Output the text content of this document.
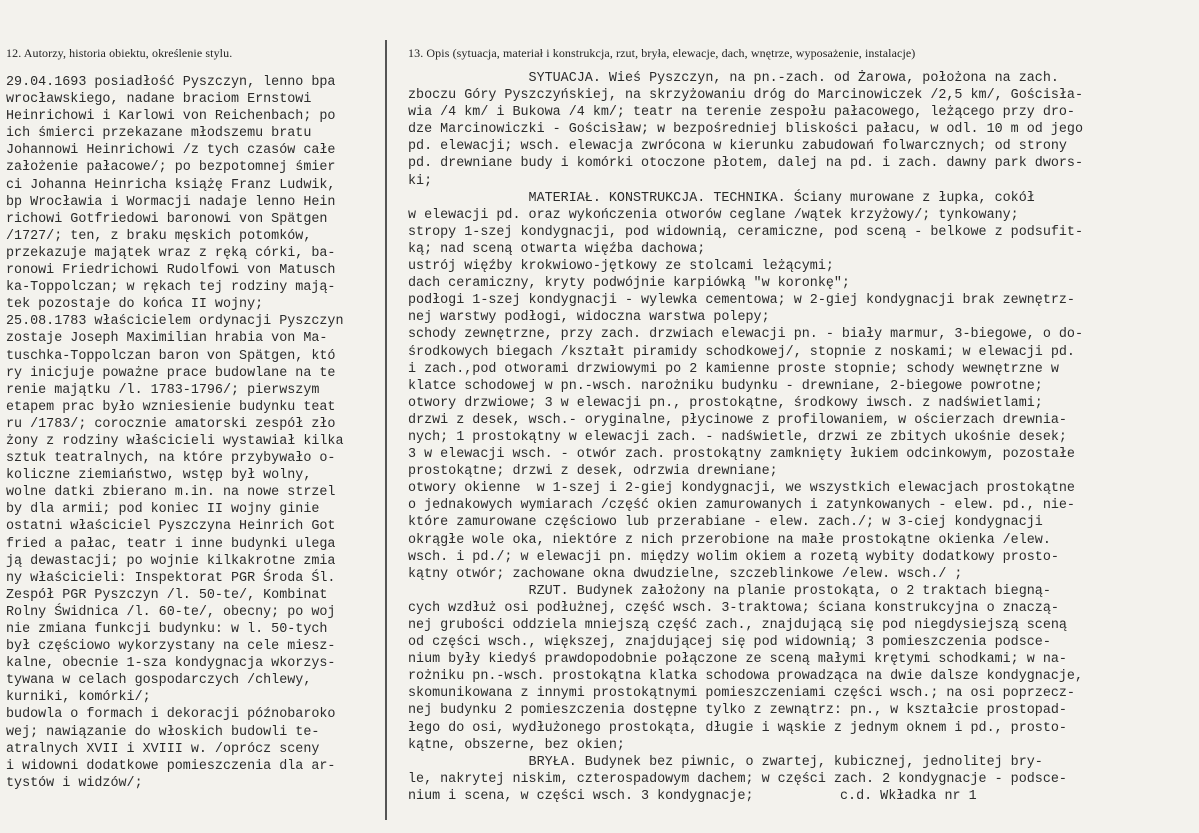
12. Autorzy, historia obiektu, określenie stylu.	13. Opis (sytuacja, materiał i konstrukcja, rzut, bryła, elewacje, dach, wnętrze, wyposażenie, instalacje)
29.04.1693 posiadłość Pyszczyn, lenno bpa
wrocławskiego, nadane braciom Ernstowi
Heinrichowi i Karlowi von Reichenbach; po
ich śmierci przekazane młodszemu bratu
Johannowi Heinrichowi /z tych czasów całe
założenie pałacowe/; po bezpotomnej śmier
ci Johanna Heinricha książę Franz Ludwik,
bp Wrocławia i Wormacji nadaje lenno Hein
richowi Gotfriedowi baronowi von Spätgen
/1727/; ten, z braku męskich potomków,
przekazuje majątek wraz z ręką córki, ba-
ronowi Friedrichowi Rudolfowi von Matusch
ka-Toppolczan; w rękach tej rodziny mają-
tek pozostaje do końca II wojny;
25.08.1783 właścicielem ordynacji Pyszczyn
zostaje Joseph Maximilian hrabia von Ma-
tuschka-Toppolczan baron von Spätgen, któ
ry inicjuje poważne prace budowlane na te
renie majątku /l. 1783-1796/; pierwszym
etapem prac było wzniesienie budynku teat
ru /1783/; corocznie amatorski zespół zło
żony z rodziny właścicieli wystawiał kilka
sztuk teatralnych, na które przybywało o-
koliczne ziemiaństwo, wstęp był wolny,
wolne datki zbierano m.in. na nowe strzel
by dla armii; pod koniec II wojny ginie
ostatni właściciel Pyszczyna Heinrich Got
fried a pałac, teatr i inne budynki ulega
ją dewastacji; po wojnie kilkakrotne zmia
ny właścicieli: Inspektorat PGR Środa Śl.
Zespół PGR Pyszczyn /l. 50-te/, Kombinat
Rolny Świdnica /l. 60-te/, obecny; po woj
nie zmiana funkcji budynku: w l. 50-tych
był częściowo wykorzystany na cele miesz-
kalne, obecnie 1-sza kondygnacja wkorzys-
tywana w celach gospodarczych /chlewy,
kurniki, komórki/;
budowla o formach i dekoracji późnobaroko
wej; nawiązanie do włoskich budowli te-
atralnych XVII i XVIII w. /oprócz sceny
i widowni dodatkowe pomieszczenia dla ar-
tystów i widzów/;
SYTUACJA. Wieś Pyszczyn, na pn.-zach. od Żarowa, położona na zach.
zboczu Góry Pyszczyńskiej, na skrzyżowaniu dróg do Marcinowiczek /2,5 km/, Gościsła-
wia /4 km/ i Bukowa /4 km/; teatr na terenie zespołu pałacowego, leżącego przy dro-
dze Marcinowiczki - Gościsław; w bezpośredniej bliskości pałacu, w odl. 10 m od jego
pd. elewacji; wsch. elewacja zwrócona w kierunku zabudowań folwarcznych; od strony
pd. drewniane budy i komórki otoczone płotem, dalej na pd. i zach. dawny park dwors-
ki;
MATERIAŁ. KONSTRUKCJA. TECHNIKA. Ściany murowane z łupka, cokół
w elewacji pd. oraz wykończenia otworów ceglane /wątek krzyżowy/; tynkowany;
stropy 1-szej kondygnacji, pod widownią, ceramiczne, pod sceną - belkowe z podsufit-
ką; nad sceną otwarta więźba dachowa;
ustrój więźby krokwiowo-jętkowy ze stolcami leżącymi;
dach ceramiczny, kryty podwójnie karpiówką "w koronkę";
podłogi 1-szej kondygnacji - wylewka cementowa; w 2-giej kondygnacji brak zewnętrz-
nej warstwy podłogi, widoczna warstwa polepy;
schody zewnętrzne, przy zach. drzwiach elewacji pn. - biały marmur, 3-biegowe, o do-
środkowych biegach /kształt piramidy schodkowej/, stopnie z noskami; w elewacji pd.
i zach.,pod otworami drzwiowymi po 2 kamienne proste stopnie; schody wewnętrzne w
klatce schodowej w pn.-wsch. narożniku budynku - drewniane, 2-biegowe powrotne;
otwory drzwiowe; 3 w elewacji pn., prostokątne, środkowy iwsch. z nadświetlami;
drzwi z desek, wsch.- oryginalne, płycinowe z profilowaniem, w ościerzach drewnia-
nych; 1 prostokątny w elewacji zach. - nadświetle, drzwi ze zbitych ukośnie desek;
3 w elewacji wsch. - otwór zach. prostokątny zamknięty łukiem odcinkowym, pozostałe
prostokątne; drzwi z desek, odrzwia drewniane;
otwory okienne  w 1-szej i 2-giej kondygnacji, we wszystkich elewacjach prostokątne
o jednakowych wymiarach /część okien zamurowanych i zatynkowanych - elew. pd., nie-
które zamurowane częściowo lub przerabiane - elew. zach./; w 3-ciej kondygnacji
okrągłe wole oka, niektóre z nich przerobione na małe prostokątne okienka /elew.
wsch. i pd./; w elewacji pn. między wolim okiem a rozetą wybity dodatkowy prosto-
kątny otwór; zachowane okna dwudzielne, szczeblinkowe /elew. wsch./ ;
RZUT. Budynek założony na planie prostokąta, o 2 traktach biegną-
cych wzdłuż osi podłużnej, część wsch. 3-traktowa; ściana konstrukcyjna o znaczą-
nej grubości oddziela mniejszą część zach., znajdującą się pod niegdysiejszą sceną
od części wsch., większej, znajdującej się pod widownią; 3 pomieszczenia podsce-
nium były kiedyś prawdopodobnie połączone ze sceną małymi krętymi schodkami; w na-
rożniku pn.-wsch. prostokątna klatka schodowa prowadząca na dwie dalsze kondygnacje,
skomunikowana z innymi prostokątnymi pomieszczeniami części wsch.; na osi poprzecz-
nej budynku 2 pomieszczenia dostępne tylko z zewnątrz: pn., w kształcie prostopad-
łego do osi, wydłużonego prostokąta, długie i wąskie z jednym oknem i pd., prosto-
kątne, obszerne, bez okien;
BRYŁA. Budynek bez piwnic, o zwartej, kubicznej, jednolitej bry-
le, nakrytej niskim, czterospadowym dachem; w części zach. 2 kondygnacje - podsce-
nium i scena, w części wsch. 3 kondygnacje;	c.d. Wkładka nr 1
